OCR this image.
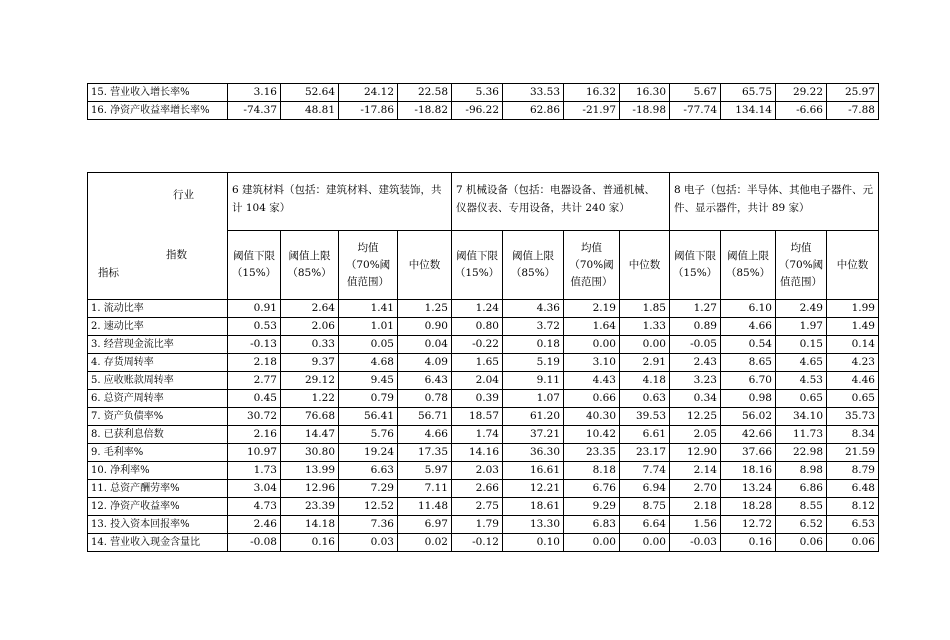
15. 营业收入增长率%	3.16	52.64	24.12	22.58	5.36	33.53	16.32	16.30	5.67	65.75	29.22	25.97
16. 净资产收益率增长率%	-74.37	48.81	-17.86	-18.82	-96.22	62.86	-21.97	-18.98	-77.74	134.14	-6.66	-7.88
行业
指数
指标	6 建筑材料（包括：建筑材料、建筑装饰，共计 104 家）				7 机械设备（包括：电器设备、普通机械、仪器仪表、专用设备，共计 240 家）				8 电子（包括：半导体、其他电子器件、元件、显示器件，共计 89 家）			
	阈值下限（15%）	阈值上限（85%）	均值（70%阈值范围）	中位数	阈值下限（15%）	阈值上限（85%）	均值（70%阈值范围）	中位数	阈值下限（15%）	阈值上限（85%）	均值（70%阈值范围）	中位数
1. 流动比率	0.91	2.64	1.41	1.25	1.24	4.36	2.19	1.85	1.27	6.10	2.49	1.99
2. 速动比率	0.53	2.06	1.01	0.90	0.80	3.72	1.64	1.33	0.89	4.66	1.97	1.49
3. 经营现金流比率	-0.13	0.33	0.05	0.04	-0.22	0.18	0.00	0.00	-0.05	0.54	0.15	0.14
4. 存货周转率	2.18	9.37	4.68	4.09	1.65	5.19	3.10	2.91	2.43	8.65	4.65	4.23
5. 应收账款周转率	2.77	29.12	9.45	6.43	2.04	9.11	4.43	4.18	3.23	6.70	4.53	4.46
6. 总资产周转率	0.45	1.22	0.79	0.78	0.39	1.07	0.66	0.63	0.34	0.98	0.65	0.65
7. 资产负债率%	30.72	76.68	56.41	56.71	18.57	61.20	40.30	39.53	12.25	56.02	34.10	35.73
8. 已获利息倍数	2.16	14.47	5.76	4.66	1.74	37.21	10.42	6.61	2.05	42.66	11.73	8.34
9. 毛利率%	10.97	30.80	19.24	17.35	14.16	36.30	23.35	23.17	12.90	37.66	22.98	21.59
10. 净利率%	1.73	13.99	6.63	5.97	2.03	16.61	8.18	7.74	2.14	18.16	8.98	8.79
11. 总资产酬劳率%	3.04	12.96	7.29	7.11	2.66	12.21	6.76	6.94	2.70	13.24	6.86	6.48
12. 净资产收益率%	4.73	23.39	12.52	11.48	2.75	18.61	9.29	8.75	2.18	18.28	8.55	8.12
13. 投入资本回报率%	2.46	14.18	7.36	6.97	1.79	13.30	6.83	6.64	1.56	12.72	6.52	6.53
14. 营业收入现金含量比	-0.08	0.16	0.03	0.02	-0.12	0.10	0.00	0.00	-0.03	0.16	0.06	0.06
